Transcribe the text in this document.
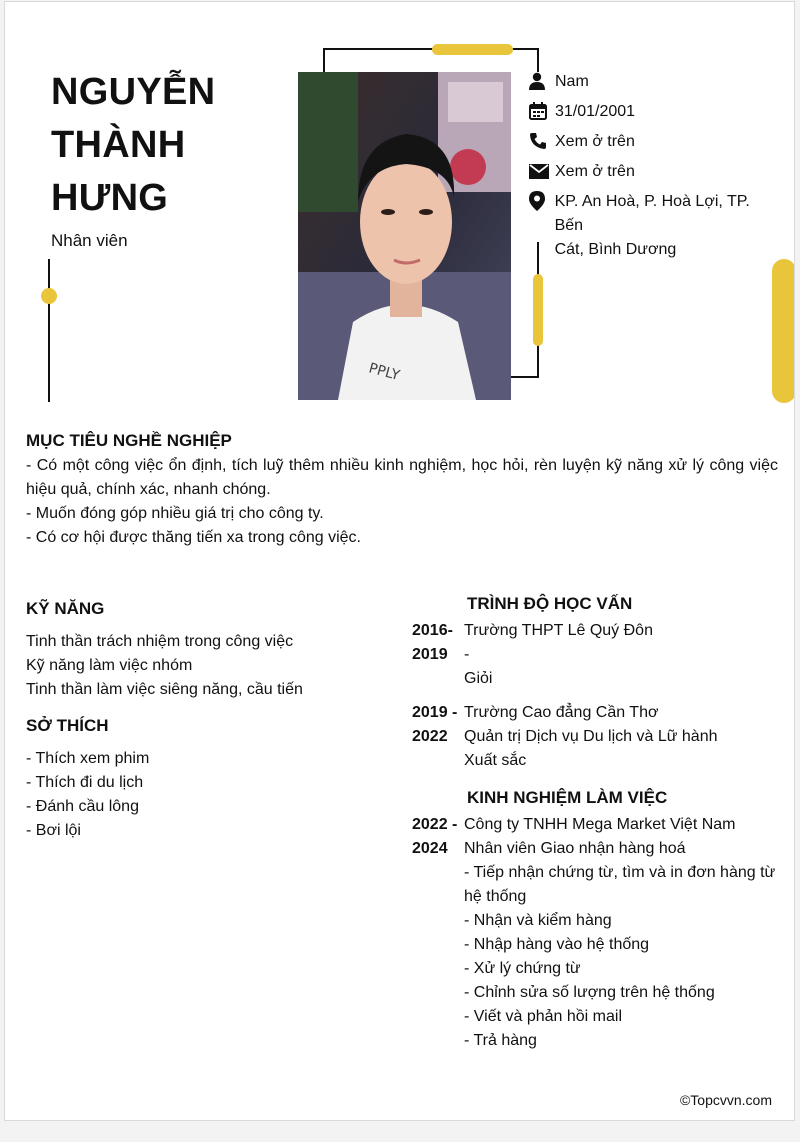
NGUYỄN
THÀNH
HƯNG
Nhân viên
PPLY
Nam
31/01/2001
Xem ở trên
Xem ở trên
KP. An Hoà, P. Hoà Lợi, TP. Bến
Cát, Bình Dương
MỤC TIÊU NGHỀ NGHIỆP
- Có một công việc ổn định, tích luỹ thêm nhiều kinh nghiệm, học hỏi, rèn luyện kỹ năng xử lý công việc hiệu quả, chính xác, nhanh chóng.
- Muốn đóng góp nhiều giá trị cho công ty.
- Có cơ hội được thăng tiến xa trong công việc.
KỸ NĂNG
Tinh thần trách nhiệm trong công việc
Kỹ năng làm việc nhóm
Tinh thần làm việc siêng năng, cầu tiến
SỞ THÍCH
- Thích xem phim
- Thích đi du lịch
- Đánh cầu lông
- Bơi lội
TRÌNH ĐỘ HỌC VẤN
2016-
2019
Trường THPT Lê Quý Đôn
-
Giỏi
2019 -
2022
Trường Cao đẳng Cần Thơ
Quản trị Dịch vụ Du lịch và Lữ hành
Xuất sắc
KINH NGHIỆM LÀM VIỆC
2022 -
2024
Công ty TNHH Mega Market Việt Nam
Nhân viên Giao nhận hàng hoá
- Tiếp nhận chứng từ, tìm và in đơn hàng từ hệ thống
- Nhận và kiểm hàng
- Nhập hàng vào hệ thống
- Xử lý chứng từ
- Chỉnh sửa số lượng trên hệ thống
- Viết và phản hồi mail
- Trả hàng
©Topcvvn.com
